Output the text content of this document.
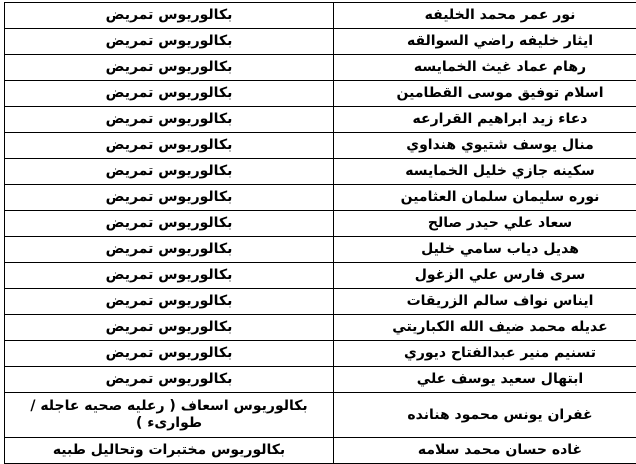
نور عمر محمد الخليفه	بكالوريوس تمريض
ايثار خليفه راضي السوالقه	بكالوريوس تمريض
رهام عماد غيث الخمايسه	بكالوريوس تمريض
اسلام توفيق موسى القطامين	بكالوريوس تمريض
دعاء زيد ابراهيم القرارعه	بكالوريوس تمريض
منال يوسف شتيوي هنداوي	بكالوريوس تمريض
سكينه جازي خليل الخمايسه	بكالوريوس تمريض
نوره سليمان سلمان العثامين	بكالوريوس تمريض
سعاد علي حيدر صالح	بكالوريوس تمريض
هديل دياب سامي خليل	بكالوريوس تمريض
سرى فارس علي الزغول	بكالوريوس تمريض
ايناس نواف سالم الزريقات	بكالوريوس تمريض
عديله محمد ضيف الله الكباريتي	بكالوريوس تمريض
تسنيم منير عبدالفتاح ديوري	بكالوريوس تمريض
ابتهال سعيد يوسف علي	بكالوريوس تمريض
غفران يونس محمود هنانده	بكالوريوس اسعاف ( رعليه صحيه عاجله / طوارىء )
غاده حسان محمد سلامه	بكالوريوس مختبرات وتحاليل طبيه
